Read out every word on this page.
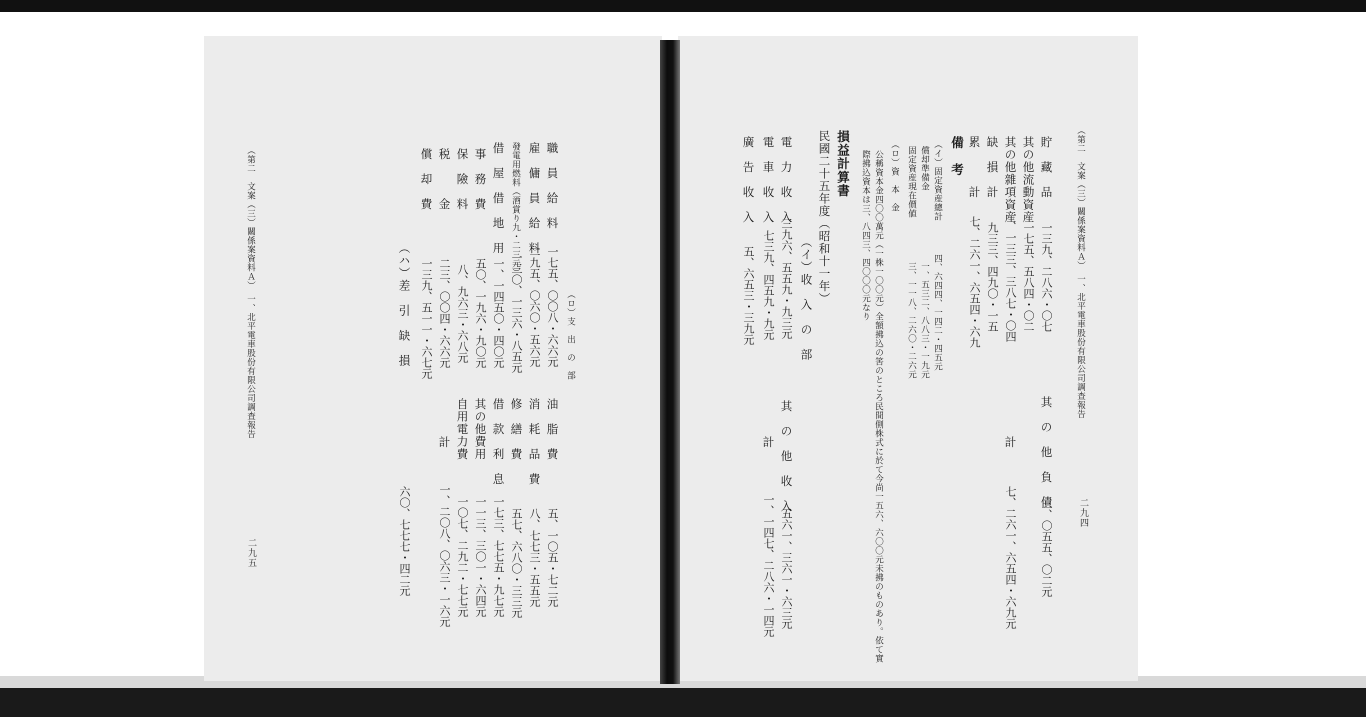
（第二　文案（三）關係案資料Ａ）　一、北平電車股份有限公司調查報告
二九四
貯　藏　品
一三九、二八六・〇七
其の他流動資産
一七五、五八四・〇二
其の他雜項資産
一、一三三、三八七・〇四
缺　損　計
九三三、四九〇・一五
累　　　計
七、二六一、六五四・六九
其　の　他　負　債
三、〇五五、〇二元
計
七、二六一、六五四・六九元
備　考
（イ）固定資産總計
四、六四四、一四二・四五元
償却準備金
一、五三二、八八三・一九元
固定資産現在價値
三、一一八、二六〇・二六元
（ロ）資　本　金
公稱資本金四〇〇萬元（一株一〇〇元）全額拂込の筈のところ民間側株式に於て今尚一五六、六〇〇元未拂のものあり。依て實
際拂込資本は三、八四三、四〇〇〇元なり
損益計算書
民國二十五年度（昭和十一年）
（イ）收　入　の　部
電　力　收　入
三九六、五五九・九三元
電　車　收　入
七三九、四五九・九元
廣　告　收　入
五、六五三・三九元
其　の　他　收　入
五六一、三六一・六三元
計
一、一四七、二八六・一四元
（ロ）支　出　の　部
職　員　給　料
一七五、〇〇八・六六元
雇　傭　員　給　料
二九五、〇六〇・五六元
發電用燃料（酒賞り九・二三元）
一三〇、一三六・八五元
借　屋　借　地　用
一、一四五〇・四〇元
事　務　費
五〇、一九六・九〇元
保　險　料
八、九六三・六八元
税　　　金
二三、〇〇四・六六元
償　却　費
一三九、五一一・六七元
油　脂　費
五、一〇五・七二元
消　耗　品　費
八、七七三・五五元
修　繕　費
五七、六八〇・三三元
借　款　利　息
一七三、七七五・九七元
其の他費用
一一三、三〇一・六四元
自用電力費
一〇七、二九二・七七元
計
一、二〇八、〇六三・一六元
（ハ）差　引　缺　損
六〇、七七七・四二元
（第二　文案（三）關係案資料Ａ）　一、北平電車股份有限公司調査報告
二九五
